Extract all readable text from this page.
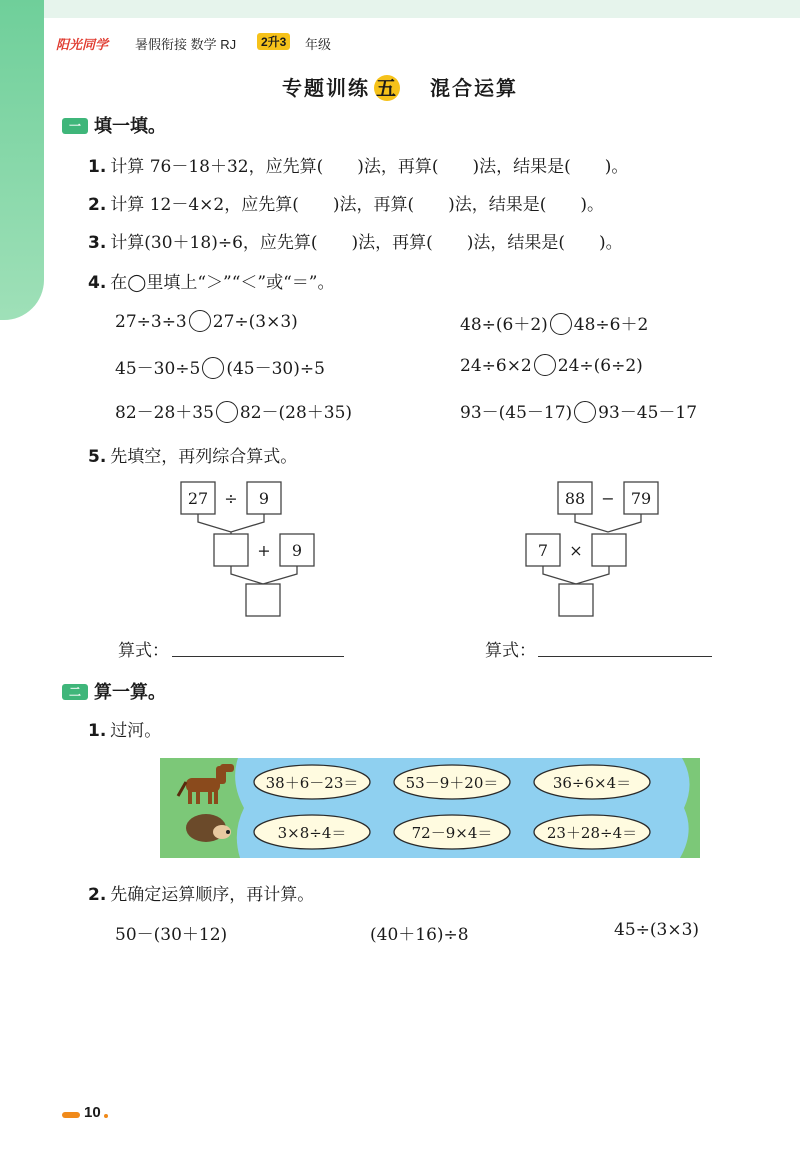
阳光同学 暑假衔接 数学 RJ	2升3	年级
专题训练 五 混合运算
一 填一填。
1. 计算 76－18＋32，应先算(　　)法，再算(　　)法，结果是(　　)。
2. 计算 12－4×2，应先算(　　)法，再算(　　)法，结果是(　　)。
3. 计算(30＋18)÷6，应先算(　　)法，再算(　　)法，结果是(　　)。
4. 在◯里填上“＞”“＜”或“＝”。
27÷3÷3 27÷(3×3)
45－30÷5 (45－30)÷5
82－28＋35 82－(28＋35)
48÷(6＋2) 48÷6＋2
24÷6×2 24÷(6÷2)
93－(45－17) 93－45－17
5. 先填空，再列综合算式。
27 ÷ 9
+ 9
88 − 79
7 ×
算式：	算式：
二 算一算。
1. 过河。
38＋6－23＝	53－9＋20＝	36÷6×4＝
3×8÷4＝	72－9×4＝	23＋28÷4＝
2. 先确定运算顺序，再计算。
50－(30＋12)	(40＋16)÷8	45÷(3×3)
10
